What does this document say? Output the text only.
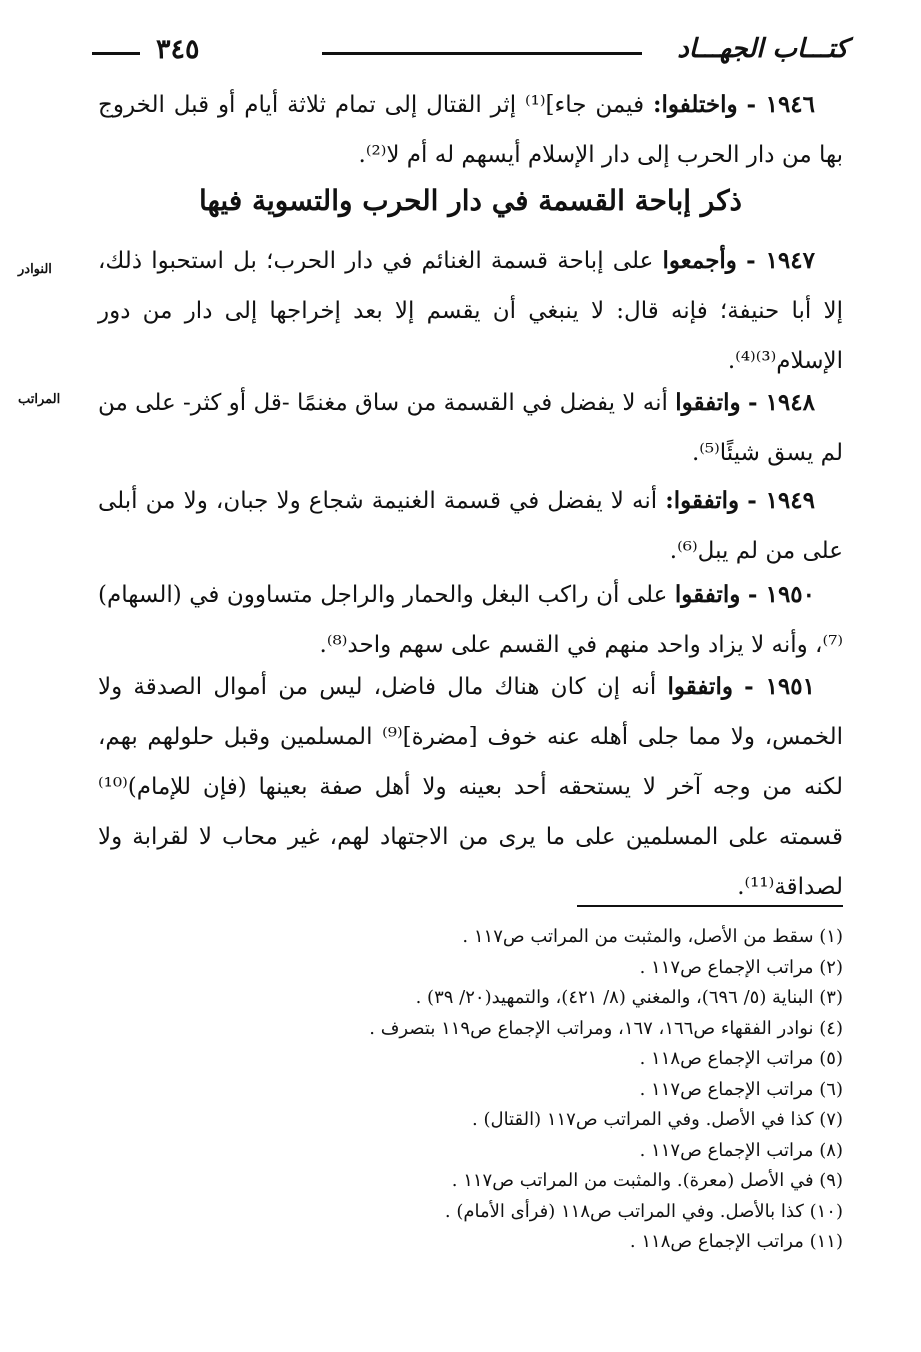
كتـــاب الجهـــاد
٣٤٥
النوادر
المراتب
١٩٤٦ - واختلفوا: فيمن جاء]⁽¹⁾ إثر القتال إلى تمام ثلاثة أيام أو قبل الخروج بها من دار الحرب إلى دار الإسلام أيسهم له أم لا⁽²⁾.
ذكر إباحة القسمة في دار الحرب والتسوية فيها
١٩٤٧ - وأجمعوا على إباحة قسمة الغنائم في دار الحرب؛ بل استحبوا ذلك، إلا أبا حنيفة؛ فإنه قال: لا ينبغي أن يقسم إلا بعد إخراجها إلى دار من دور الإسلام⁽³⁾⁽⁴⁾.
١٩٤٨ - واتفقوا أنه لا يفضل في القسمة من ساق مغنمًا -قل أو كثر- على من لم يسق شيئًا⁽⁵⁾.
١٩٤٩ - واتفقوا: أنه لا يفضل في قسمة الغنيمة شجاع ولا جبان، ولا من أبلى على من لم يبل⁽⁶⁾.
١٩٥٠ - واتفقوا على أن راكب البغل والحمار والراجل متساوون في (السهام)⁽⁷⁾، وأنه لا يزاد واحد منهم في القسم على سهم واحد⁽⁸⁾.
١٩٥١ - واتفقوا أنه إن كان هناك مال فاضل، ليس من أموال الصدقة ولا الخمس، ولا مما جلى أهله عنه خوف [مضرة]⁽⁹⁾ المسلمين وقبل حلولهم بهم، لكنه من وجه آخر لا يستحقه أحد بعينه ولا أهل صفة بعينها (فإن للإمام)⁽¹⁰⁾ قسمته على المسلمين على ما يرى من الاجتهاد لهم، غير محاب لا لقرابة ولا لصداقة⁽¹¹⁾.
(١) سقط من الأصل، والمثبت من المراتب ص١١٧ .
(٢) مراتب الإجماع ص١١٧ .
(٣) البناية (٥/ ٦٩٦)، والمغني (٨/ ٤٢١)، والتمهيد(٢٠/ ٣٩) .
(٤) نوادر الفقهاء ص١٦٦، ١٦٧، ومراتب الإجماع ص١١٩ بتصرف .
(٥) مراتب الإجماع ص١١٨ .
(٦) مراتب الإجماع ص١١٧ .
(٧) كذا في الأصل. وفي المراتب ص١١٧ (القتال) .
(٨) مراتب الإجماع ص١١٧ .
(٩) في الأصل (معرة). والمثبت من المراتب ص١١٧ .
(١٠) كذا بالأصل. وفي المراتب ص١١٨ (فرأى الأمام) .
(١١) مراتب الإجماع ص١١٨ .
